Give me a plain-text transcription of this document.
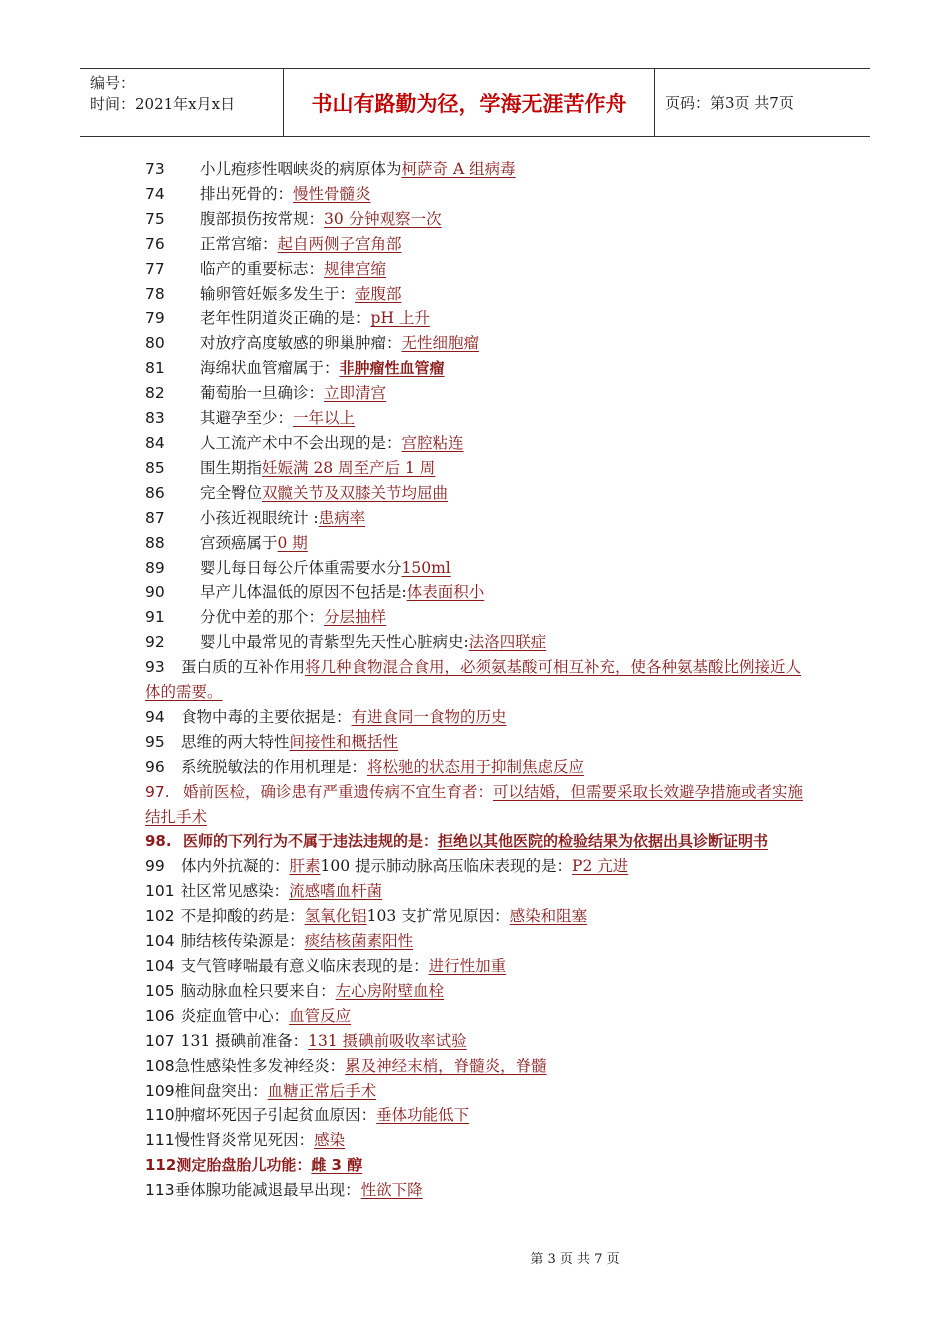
编号：
时间：2021年x月x日	书山有路勤为径，学海无涯苦作舟	页码：第3页 共7页
73 小儿疱疹性咽峡炎的病原体为柯萨奇 A 组病毒
74 排出死骨的：慢性骨髓炎
75 腹部损伤按常规：30 分钟观察一次
76 正常宫缩：起自两侧子宫角部
77 临产的重要标志：规律宫缩
78 输卵管妊娠多发生于：壶腹部
79 老年性阴道炎正确的是：pH 上升
80 对放疗高度敏感的卵巢肿瘤：无性细胞瘤
81 海绵状血管瘤属于：非肿瘤性血管瘤
82 葡萄胎一旦确诊：立即清宫
83 其避孕至少：一年以上
84 人工流产术中不会出现的是：宫腔粘连
85 围生期指妊娠满 28 周至产后 1 周
86 完全臀位双髋关节及双膝关节均屈曲
87 小孩近视眼统计 :患病率
88 宫颈癌属于0 期
89 婴儿每日每公斤体重需要水分150ml
90 早产儿体温低的原因不包括是:体表面积小
91 分优中差的那个：分层抽样
92 婴儿中最常见的青紫型先天性心脏病史:法洛四联症
93 蛋白质的互补作用将几种食物混合食用，必须氨基酸可相互补充，使各种氨基酸比例接近人体的需要。
94 食物中毒的主要依据是：有进食同一食物的历史
95 思维的两大特性间接性和概括性
96 系统脱敏法的作用机理是：将松驰的状态用于抑制焦虑反应
97. 婚前医检，确诊患有严重遗传病不宜生育者：可以结婚，但需要采取长效避孕措施或者实施结扎手术
98. 医师的下列行为不属于违法违规的是：拒绝以其他医院的检验结果为依据出具诊断证明书
99 体内外抗凝的：肝素100 提示肺动脉高压临床表现的是：P2 亢进
101 社区常见感染：流感嗜血杆菌
102 不是抑酸的药是：氢氧化铝103 支扩常见原因：感染和阻塞
104 肺结核传染源是：痰结核菌素阳性
104 支气管哮喘最有意义临床表现的是：进行性加重
105 脑动脉血栓只要来自：左心房附壁血栓
106 炎症血管中心：血管反应
107 131 摄碘前准备：131 摄碘前吸收率试验
108急性感染性多发神经炎：累及神经末梢，脊髓炎，脊髓
109椎间盘突出：血糖正常后手术
110肿瘤坏死因子引起贫血原因：垂体功能低下
111慢性肾炎常见死因：感染
112测定胎盘胎儿功能：雌 3 醇
113垂体腺功能减退最早出现：性欲下降
第 3 页 共 7 页
